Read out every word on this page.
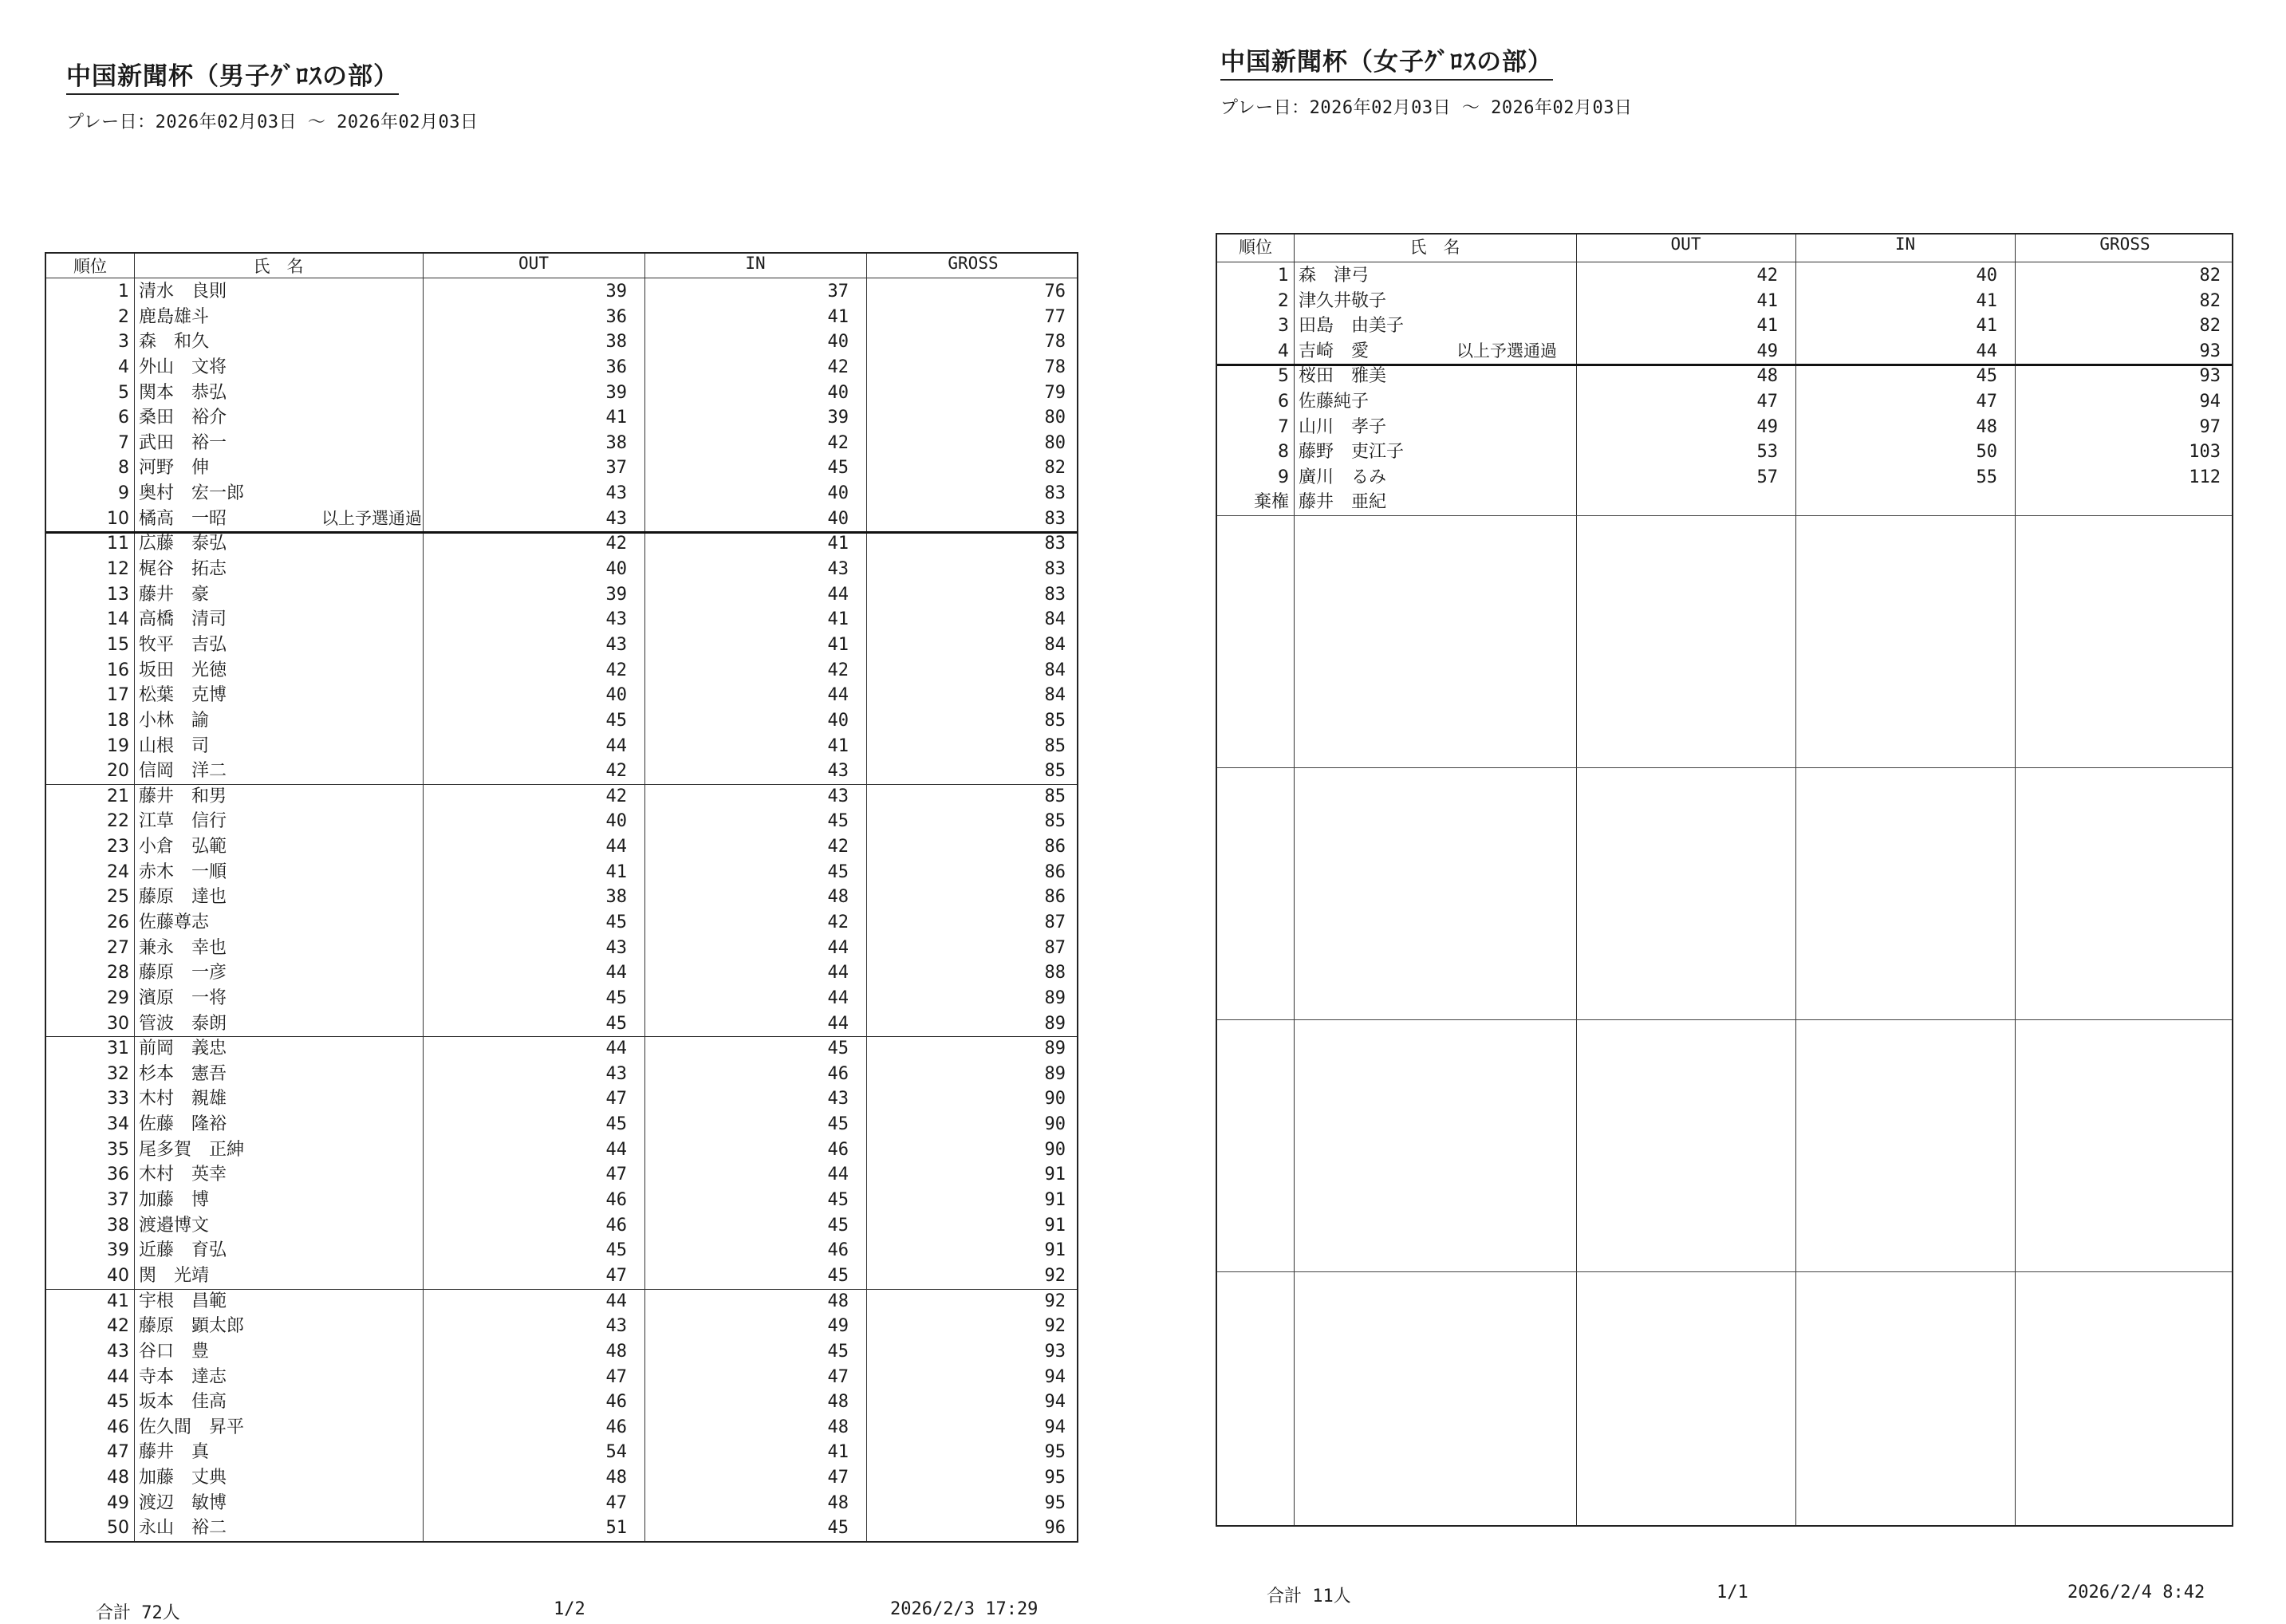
中国新聞杯（男子ｸﾞﾛｽの部）
プレー日：2026年02月03日 ～ 2026年02月03日
順位	氏　名	OUT	IN	GROSS
1 清水　良則	39	37	76
2 鹿島雄斗	36	41	77
3 森　和久	38	40	78
4 外山　文将	36	42	78
5 関本　恭弘	39	40	79
6 桑田　裕介	41	39	80
7 武田　裕一	38	42	80
8 河野　伸	37	45	82
9 奥村　宏一郎	43	40	83
10 橘高　一昭	43	40	83
以上予選通過
11 広藤　泰弘	42	41	83
12 梶谷　拓志	40	43	83
13 藤井　豪	39	44	83
14 高橋　清司	43	41	84
15 牧平　吉弘	43	41	84
16 坂田　光徳	42	42	84
17 松葉　克博	40	44	84
18 小林　諭	45	40	85
19 山根　司	44	41	85
20 信岡　洋二	42	43	85
21 藤井　和男	42	43	85
22 江草　信行	40	45	85
23 小倉　弘範	44	42	86
24 赤木　一順	41	45	86
25 藤原　達也	38	48	86
26 佐藤尊志	45	42	87
27 兼永　幸也	43	44	87
28 藤原　一彦	44	44	88
29 濱原　一将	45	44	89
30 管波　泰朗	45	44	89
31 前岡　義忠	44	45	89
32 杉本　憲吾	43	46	89
33 木村　親雄	47	43	90
34 佐藤　隆裕	45	45	90
35 尾多賀　正紳	44	46	90
36 木村　英幸	47	44	91
37 加藤　博	46	45	91
38 渡邉博文	46	45	91
39 近藤　育弘	45	46	91
40 関　光靖	47	45	92
41 宇根　昌範	44	48	92
42 藤原　顕太郎	43	49	92
43 谷口　豊	48	45	93
44 寺本　達志	47	47	94
45 坂本　佳高	46	48	94
46 佐久間　昇平	46	48	94
47 藤井　真	54	41	95
48 加藤　丈典	48	47	95
49 渡辺　敏博	47	48	95
50 永山　裕二	51	45	96
合計 72人	1/2	2026/2/3 17:29
中国新聞杯（女子ｸﾞﾛｽの部）
プレー日：2026年02月03日 ～ 2026年02月03日
順位	氏　名	OUT	IN	GROSS
1 森　津弓	42	40	82
2 津久井敬子	41	41	82
3 田島　由美子	41	41	82
4 吉崎　愛	49	44	93
以上予選通過
5 桜田　雅美	48	45	93
6 佐藤純子	47	47	94
7 山川　孝子	49	48	97
8 藤野　吏江子	53	50	103
9 廣川　るみ	57	55	112
棄権 藤井　亜紀
合計 11人	1/1	2026/2/4 8:42
